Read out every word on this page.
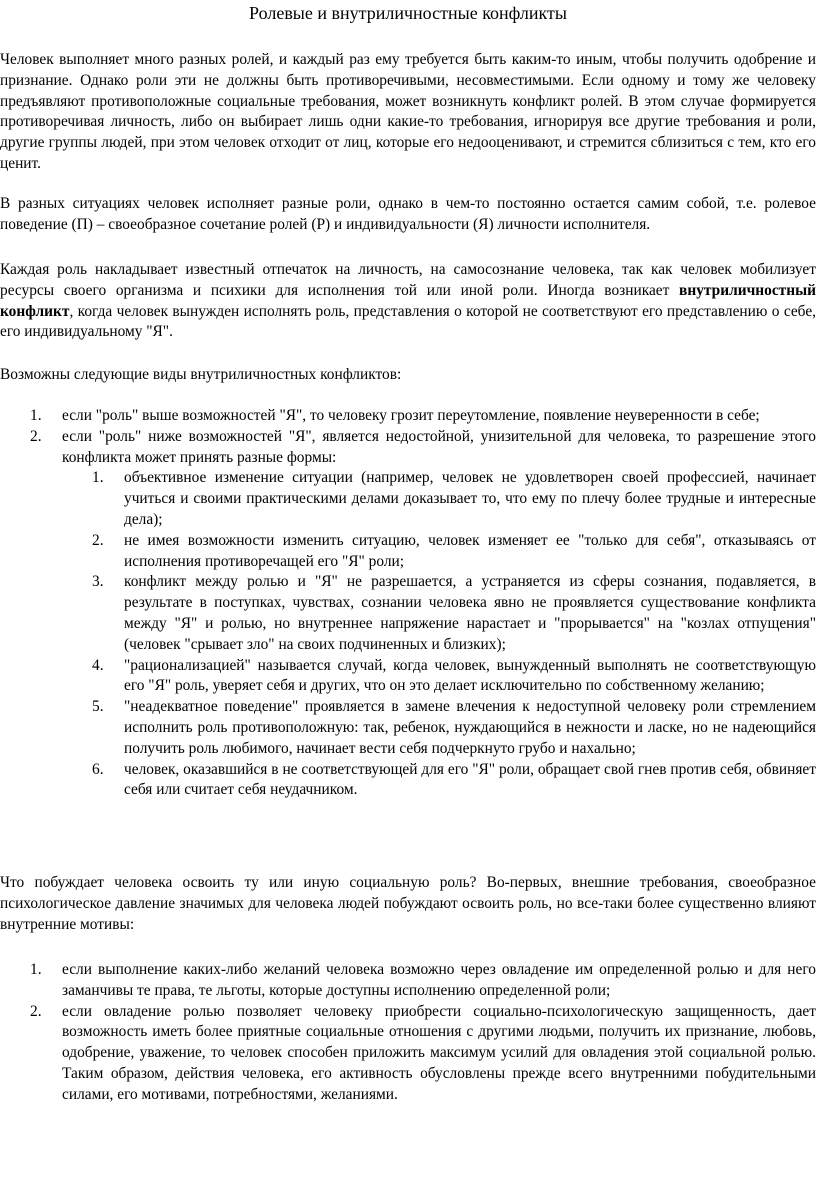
Ролевые и внутриличностные конфликты

Человек выполняет много разных ролей, и каждый раз ему требуется быть каким-то иным, чтобы получить одобрение и признание. Однако роли эти не должны быть противоречивыми, несовместимыми. Если одному и тому же человеку предъявляют противоположные социальные требования, может возникнуть конфликт ролей. В этом случае формируется противоречивая личность, либо он выбирает лишь одни какие-то требования, игнорируя все другие требования и роли, другие группы людей, при этом человек отходит от лиц, которые его недооценивают, и стремится сблизиться с тем, кто его ценит.

В разных ситуациях человек исполняет разные роли, однако в чем-то постоянно остается самим собой, т.е. ролевое поведение (П) – своеобразное сочетание ролей (Р) и индивидуальности (Я) личности исполнителя.

Каждая роль накладывает известный отпечаток на личность, на самосознание человека, так как человек мобилизует ресурсы своего организма и психики для исполнения той или иной роли. Иногда возникает внутриличностный конфликт, когда человек вынужден исполнять роль, представления о которой не соответствуют его представлению о себе, его индивидуальному "Я".

Возможны следующие виды внутриличностных конфликтов:

1. если "роль" выше возможностей "Я", то человеку грозит переутомление, появление неуверенности в себе;
2. если "роль" ниже возможностей "Я", является недостойной, унизительной для человека, то разрешение этого конфликта может принять разные формы:
1. объективное изменение ситуации (например, человек не удовлетворен своей профессией, начинает учиться и своими практическими делами доказывает то, что ему по плечу более трудные и интересные дела);
2. не имея возможности изменить ситуацию, человек изменяет ее "только для себя", отказываясь от исполнения противоречащей его "Я" роли;
3. конфликт между ролью и "Я" не разрешается, а устраняется из сферы сознания, подавляется, в результате в поступках, чувствах, сознании человека явно не проявляется существование конфликта между "Я" и ролью, но внутреннее напряжение нарастает и "прорывается" на "козлах отпущения" (человек "срывает зло" на своих подчиненных и близких);
4. "рационализацией" называется случай, когда человек, вынужденный выполнять не соответствующую его "Я" роль, уверяет себя и других, что он это делает исключительно по собственному желанию;
5. "неадекватное поведение" проявляется в замене влечения к недоступной человеку роли стремлением исполнить роль противоположную: так, ребенок, нуждающийся в нежности и ласке, но не надеющийся получить роль любимого, начинает вести себя подчеркнуто грубо и нахально;
6. человек, оказавшийся в не соответствующей для его "Я" роли, обращает свой гнев против себя, обвиняет себя или считает себя неудачником.

Что побуждает человека освоить ту или иную социальную роль? Во-первых, внешние требования, своеобразное психологическое давление значимых для человека людей побуждают освоить роль, но все-таки более существенно влияют внутренние мотивы:

1. если выполнение каких-либо желаний человека возможно через овладение им определенной ролью и для него заманчивы те права, те льготы, которые доступны исполнению определенной роли;
2. если овладение ролью позволяет человеку приобрести социально-психологическую защищенность, дает возможность иметь более приятные социальные отношения с другими людьми, получить их признание, любовь, одобрение, уважение, то человек способен приложить максимум усилий для овладения этой социальной ролью. Таким образом, действия человека, его активность обусловлены прежде всего внутренними побудительными силами, его мотивами, потребностями, желаниями.
